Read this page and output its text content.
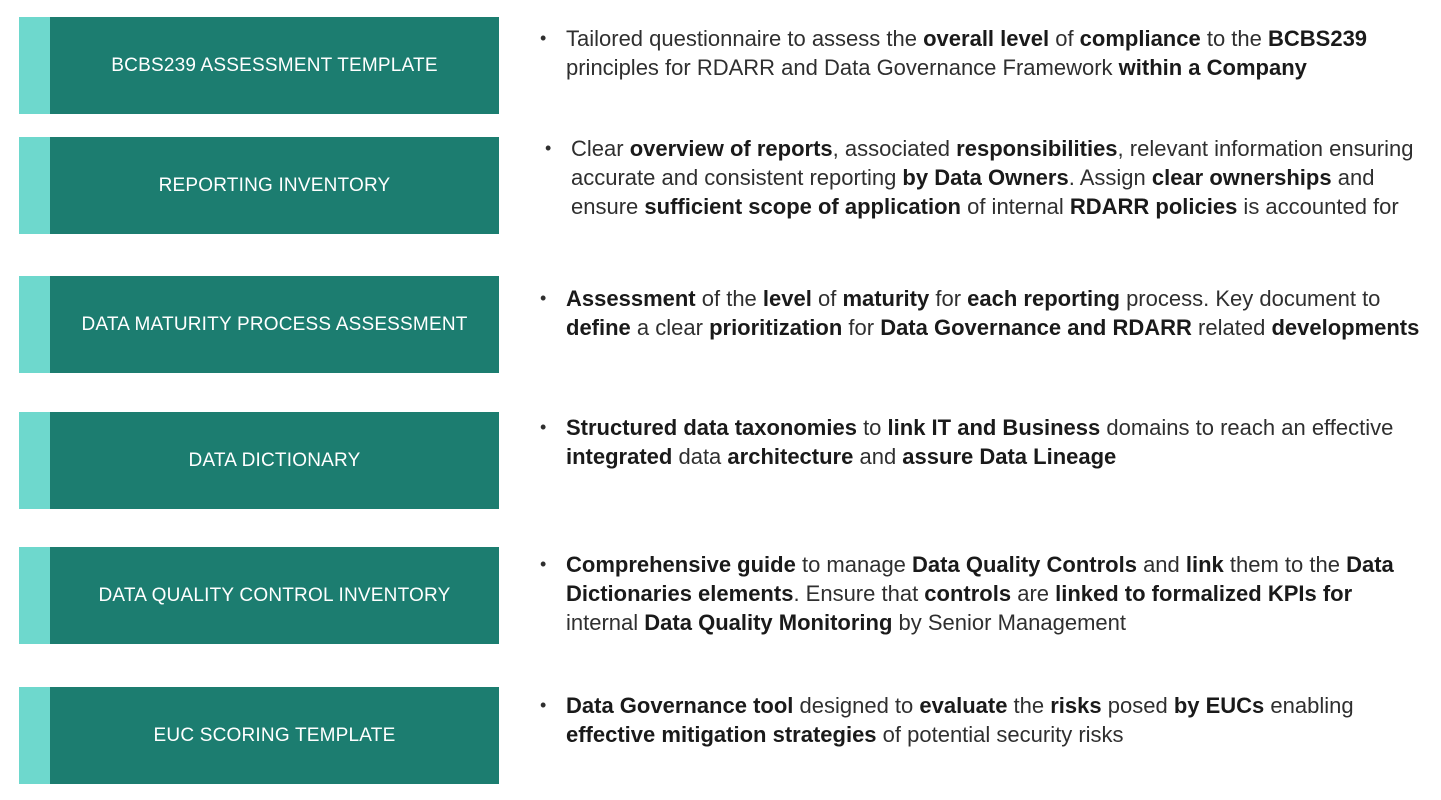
BCBS239 ASSESSMENT TEMPLATE
• Tailored questionnaire to assess the overall level of compliance to the BCBS239 principles for RDARR and Data Governance Framework within a Company
REPORTING INVENTORY
• Clear overview of reports, associated responsibilities, relevant information ensuring accurate and consistent reporting by Data Owners. Assign clear ownerships and ensure sufficient scope of application of internal RDARR policies is accounted for
DATA MATURITY PROCESS ASSESSMENT
• Assessment of the level of maturity for each reporting process. Key document to define a clear prioritization for Data Governance and RDARR related developments
DATA DICTIONARY
• Structured data taxonomies to link IT and Business domains to reach an effective integrated data architecture and assure Data Lineage
DATA QUALITY CONTROL INVENTORY
• Comprehensive guide to manage Data Quality Controls and link them to the Data Dictionaries elements. Ensure that controls are linked to formalized KPIs for internal Data Quality Monitoring by Senior Management
EUC SCORING TEMPLATE
• Data Governance tool designed to evaluate the risks posed by EUCs enabling effective mitigation strategies of potential security risks
